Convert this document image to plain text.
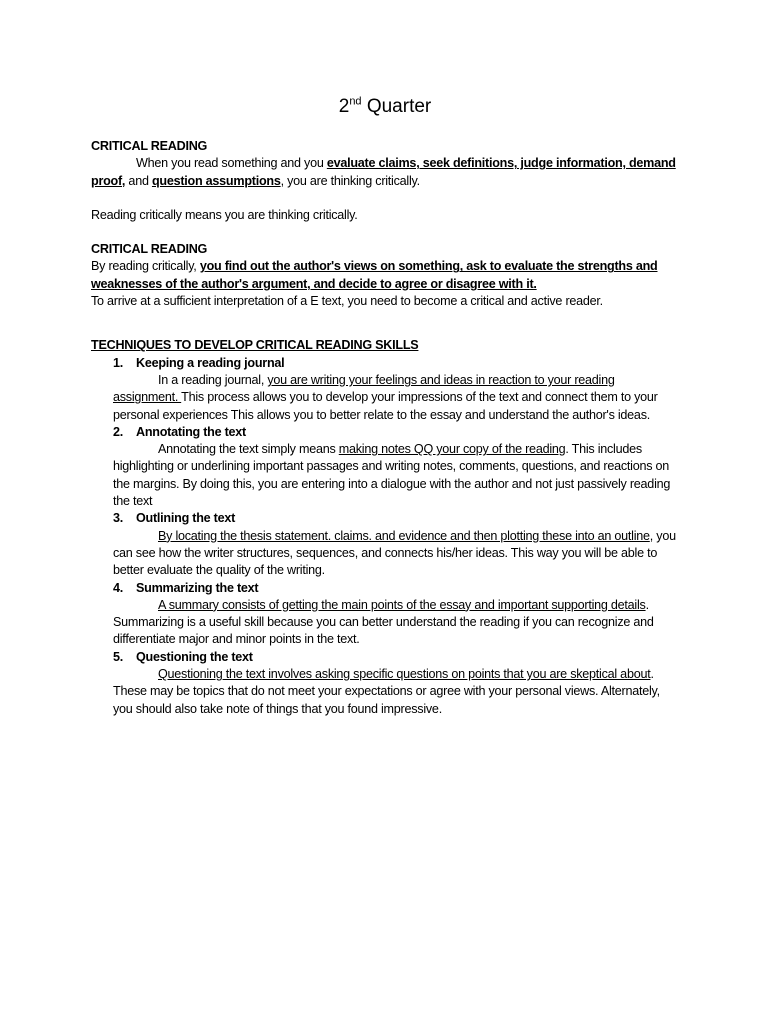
2nd Quarter

CRITICAL READING

When you read something and you evaluate claims, seek definitions, judge information, demand proof, and question assumptions, you are thinking critically.

Reading critically means you are thinking critically.

CRITICAL READING

By reading critically, you find out the author's views on something, ask to evaluate the strengths and weaknesses of the author's argument, and decide to agree or disagree with it.

To arrive at a sufficient interpretation of a E text, you need to become a critical and active reader.

TECHNIQUES TO DEVELOP CRITICAL READING SKILLS

1. Keeping a reading journal

In a reading journal, you are writing your feelings and ideas in reaction to your reading assignment. This process allows you to develop your impressions of the text and connect them to your personal experiences This allows you to better relate to the essay and understand the author's ideas.

2. Annotating the text

Annotating the text simply means making notes QQ your copy of the reading. This includes highlighting or underlining important passages and writing notes, comments, questions, and reactions on the margins. By doing this, you are entering into a dialogue with the author and not just passively reading the text

3. Outlining the text

By locating the thesis statement. claims. and evidence and then plotting these into an outline, you can see how the writer structures, sequences, and connects his/her ideas. This way you will be able to better evaluate the quality of the writing.

4. Summarizing the text

A summary consists of getting the main points of the essay and important supporting details. Summarizing is a useful skill because you can better understand the reading if you can recognize and differentiate major and minor points in the text.

5. Questioning the text

Questioning the text involves asking specific questions on points that you are skeptical about. These may be topics that do not meet your expectations or agree with your personal views. Alternately, you should also take note of things that you found impressive.
